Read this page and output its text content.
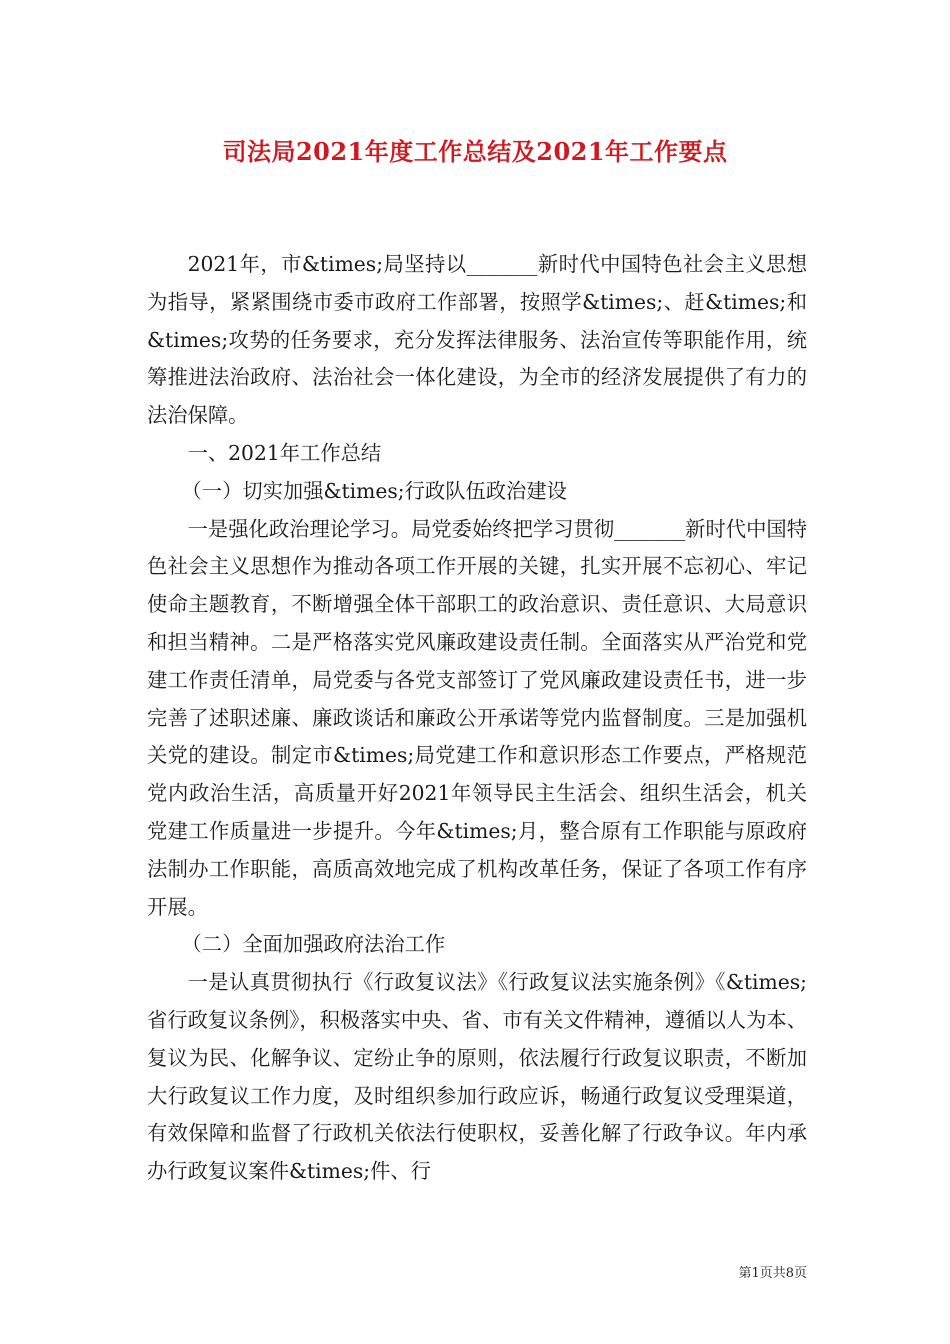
司法局2021年度工作总结及2021年工作要点

2021年，市&times;局坚持以_______新时代中国特色社会主义思想为指导，紧紧围绕市委市政府工作部署，按照学&times;、赶&times;和&times;攻势的任务要求，充分发挥法律服务、法治宣传等职能作用，统筹推进法治政府、法治社会一体化建设，为全市的经济发展提供了有力的法治保障。

一、2021年工作总结

（一）切实加强&times;行政队伍政治建设

一是强化政治理论学习。局党委始终把学习贯彻_______新时代中国特色社会主义思想作为推动各项工作开展的关键，扎实开展不忘初心、牢记使命主题教育，不断增强全体干部职工的政治意识、责任意识、大局意识和担当精神。二是严格落实党风廉政建设责任制。全面落实从严治党和党建工作责任清单，局党委与各党支部签订了党风廉政建设责任书，进一步完善了述职述廉、廉政谈话和廉政公开承诺等党内监督制度。三是加强机关党的建设。制定市&times;局党建工作和意识形态工作要点，严格规范党内政治生活，高质量开好2021年领导民主生活会、组织生活会，机关党建工作质量进一步提升。今年&times;月，整合原有工作职能与原政府法制办工作职能，高质高效地完成了机构改革任务，保证了各项工作有序开展。

（二）全面加强政府法治工作

一是认真贯彻执行《行政复议法》《行政复议法实施条例》《&times;省行政复议条例》，积极落实中央、省、市有关文件精神，遵循以人为本、复议为民、化解争议、定纷止争的原则，依法履行行政复议职责，不断加大行政复议工作力度，及时组织参加行政应诉，畅通行政复议受理渠道，有效保障和监督了行政机关依法行使职权，妥善化解了行政争议。年内承办行政复议案件&times;件、行

第1页共8页
